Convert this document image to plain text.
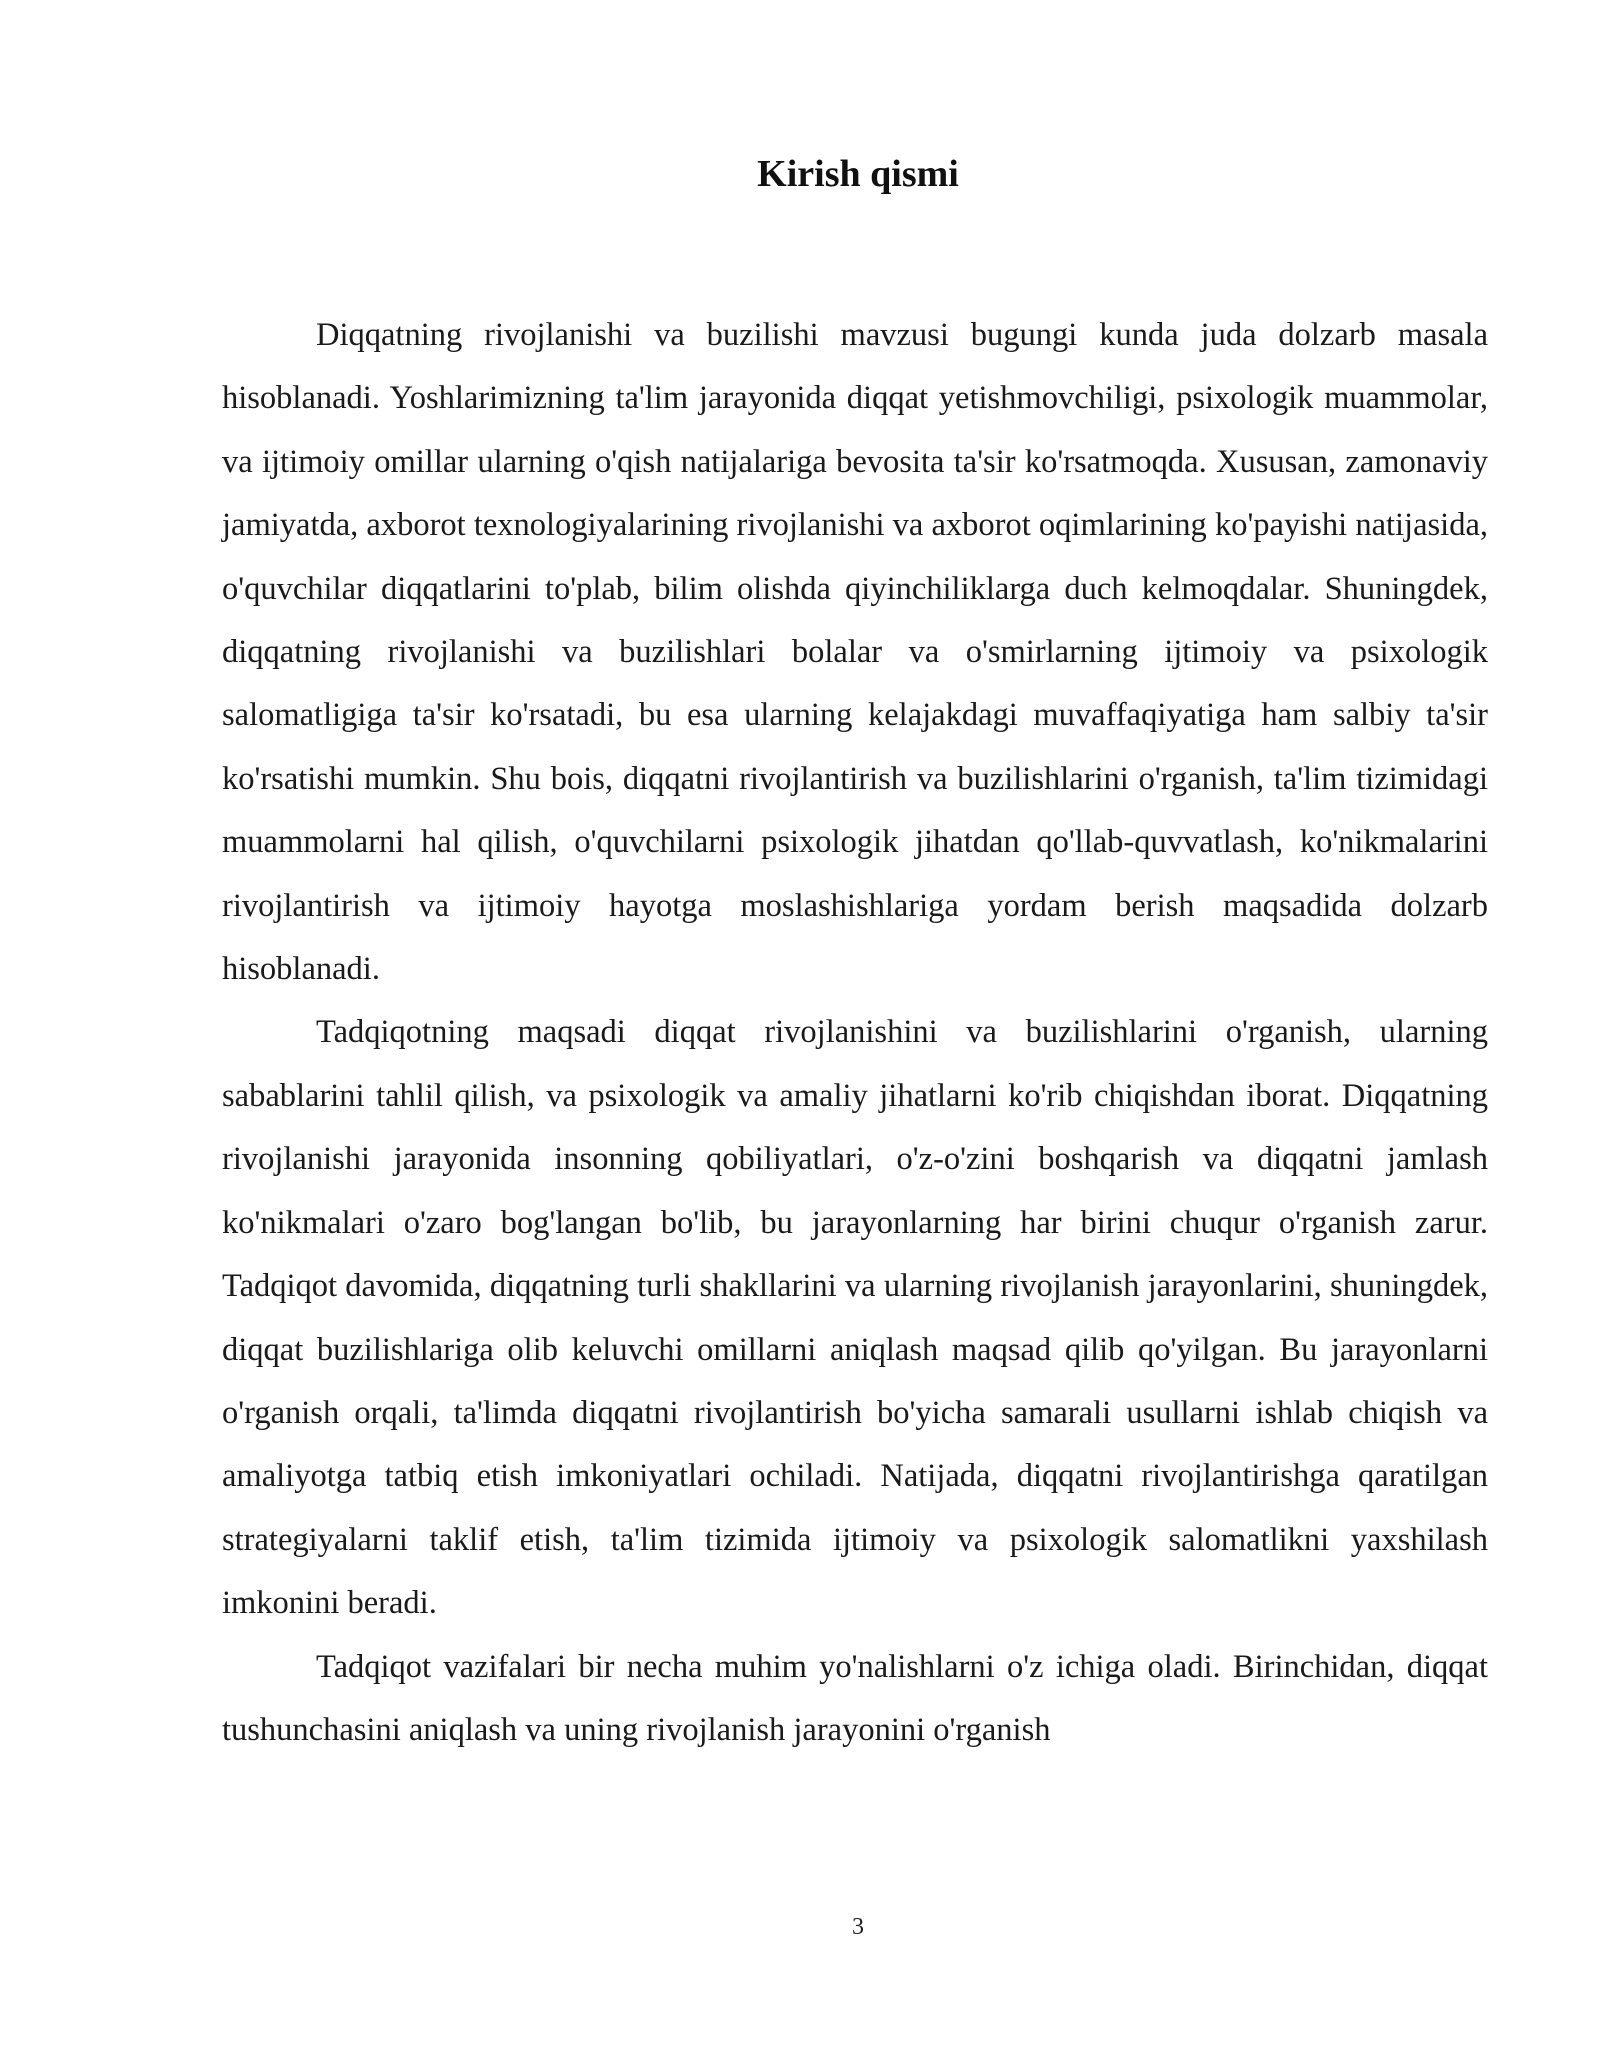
Kirish qismi

Diqqatning rivojlanishi va buzilishi mavzusi bugungi kunda juda dolzarb masala hisoblanadi. Yoshlarimizning ta'lim jarayonida diqqat yetishmovchiligi, psixologik muammolar, va ijtimoiy omillar ularning o'qish natijalariga bevosita ta'sir ko'rsatmoqda. Xususan, zamonaviy jamiyatda, axborot texnologiyalarining rivojlanishi va axborot oqimlarining ko'payishi natijasida, o'quvchilar diqqatlarini to'plab, bilim olishda qiyinchiliklarga duch kelmoqdalar. Shuningdek, diqqatning rivojlanishi va buzilishlari bolalar va o'smirlarning ijtimoiy va psixologik salomatligiga ta'sir ko'rsatadi, bu esa ularning kelajakdagi muvaffaqiyatiga ham salbiy ta'sir ko'rsatishi mumkin. Shu bois, diqqatni rivojlantirish va buzilishlarini o'rganish, ta'lim tizimidagi muammolarni hal qilish, o'quvchilarni psixologik jihatdan qo'llab-quvvatlash, ko'nikmalarini rivojlantirish va ijtimoiy hayotga moslashishlariga yordam berish maqsadida dolzarb hisoblanadi.

Tadqiqotning maqsadi diqqat rivojlanishini va buzilishlarini o'rganish, ularning sabablarini tahlil qilish, va psixologik va amaliy jihatlarni ko'rib chiqishdan iborat. Diqqatning rivojlanishi jarayonida insonning qobiliyatlari, o'z-o'zini boshqarish va diqqatni jamlash ko'nikmalari o'zaro bog'langan bo'lib, bu jarayonlarning har birini chuqur o'rganish zarur. Tadqiqot davomida, diqqatning turli shakllarini va ularning rivojlanish jarayonlarini, shuningdek, diqqat buzilishlariga olib keluvchi omillarni aniqlash maqsad qilib qo'yilgan. Bu jarayonlarni o'rganish orqali, ta'limda diqqatni rivojlantirish bo'yicha samarali usullarni ishlab chiqish va amaliyotga tatbiq etish imkoniyatlari ochiladi. Natijada, diqqatni rivojlantirishga qaratilgan strategiyalarni taklif etish, ta'lim tizimida ijtimoiy va psixologik salomatlikni yaxshilash imkonini beradi.

Tadqiqot vazifalari bir necha muhim yo'nalishlarni o'z ichiga oladi. Birinchidan, diqqat tushunchasini aniqlash va uning rivojlanish jarayonini o'rganish

3
